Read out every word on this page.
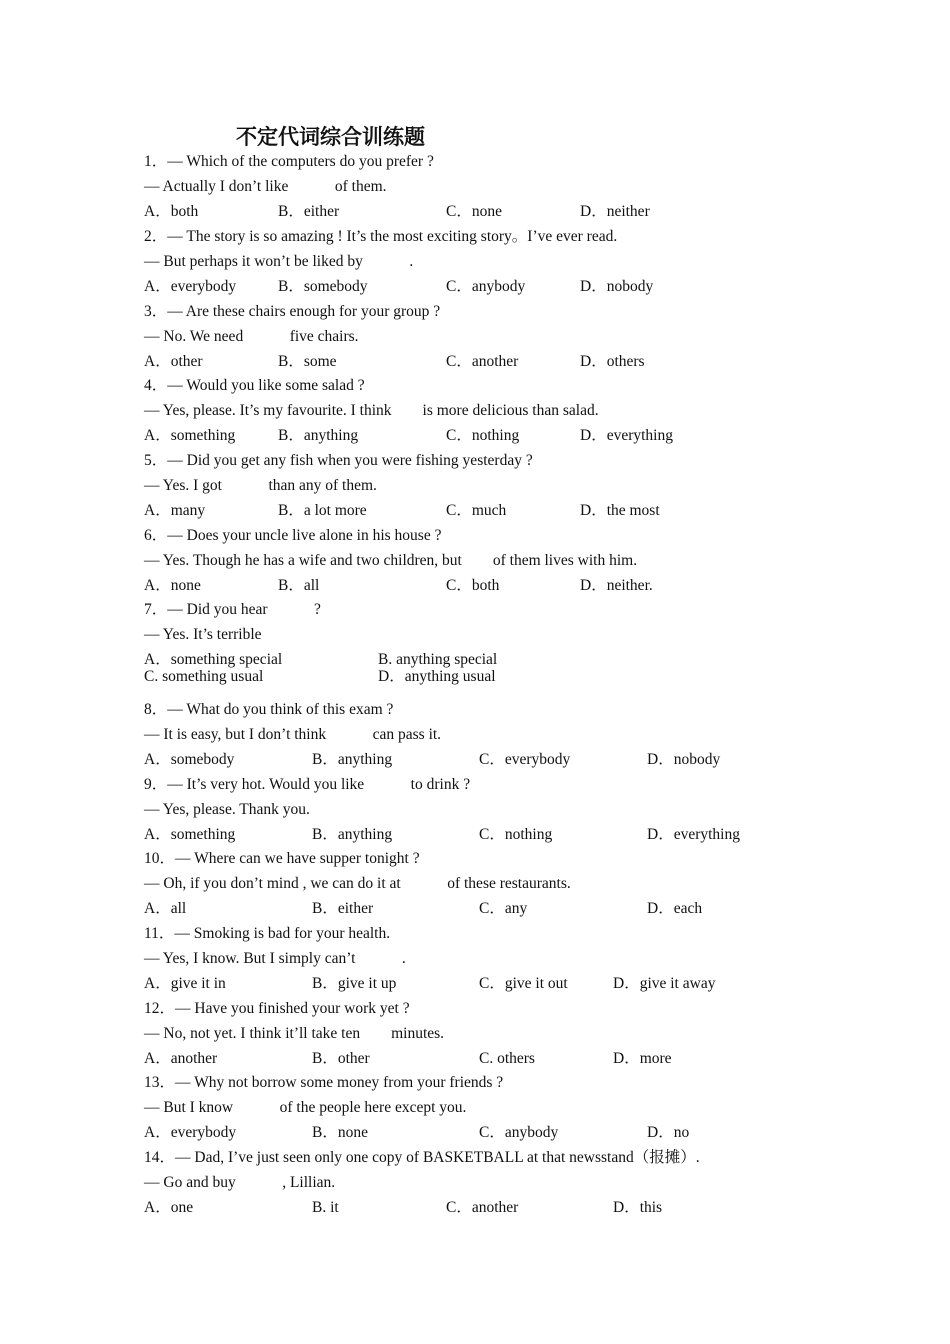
不定代词综合训练题
1．— Which of the computers do you prefer ?
— Actually I don’t like　　　of them.
A．both	B．either	C．none	D．neither
2．— The story is so amazing ! It’s the most exciting story。I’ve ever read.
— But perhaps it won’t be liked by　　　.
A．everybody	B．somebody	C．anybody	D．nobody
3．— Are these chairs enough for your group ?
— No. We need　　　five chairs.
A．other	B．some	C．another	D．others
4．— Would you like some salad ?
— Yes, please. It’s my favourite. I think　　is more delicious than salad.
A．something	B．anything	C．nothing	D．everything
5．— Did you get any fish when you were fishing yesterday ?
— Yes. I got　　　than any of them.
A．many	B．a lot more	C．much	D．the most
6．— Does your uncle live alone in his house ?
— Yes. Though he has a wife and two children, but　　of them lives with him.
A．none	B．all	C．both	D．neither.
7．— Did you hear　　　?
— Yes. It’s terrible
A．something special	B. anything special
C. something usual	D．anything usual
8．— What do you think of this exam ?
— It is easy, but I don’t think　　　can pass it.
A．somebody	B．anything	C．everybody	D．nobody
9．— It’s very hot. Would you like　　　to drink ?
— Yes, please. Thank you.
A．something	B．anything	C．nothing	D．everything
10．— Where can we have supper tonight ?
— Oh, if you don’t mind , we can do it at　　　of these restaurants.
A．all	B．either	C．any	D．each
11．— Smoking is bad for your health.
— Yes, I know. But I simply can’t　　　.
A．give it in	B．give it up	C．give it out	D．give it away
12．— Have you finished your work yet ?
— No, not yet. I think it’ll take ten　　minutes.
A．another	B．other	C. others	D．more
13．— Why not borrow some money from your friends ?
— But I know　　　of the people here except you.
A．everybody	B．none	C．anybody	D．no
14．— Dad, I’ve just seen only one copy of BASKETBALL at that newsstand（报摊）.
— Go and buy　　　, Lillian.
A．one	B. it	C．another	D．this
